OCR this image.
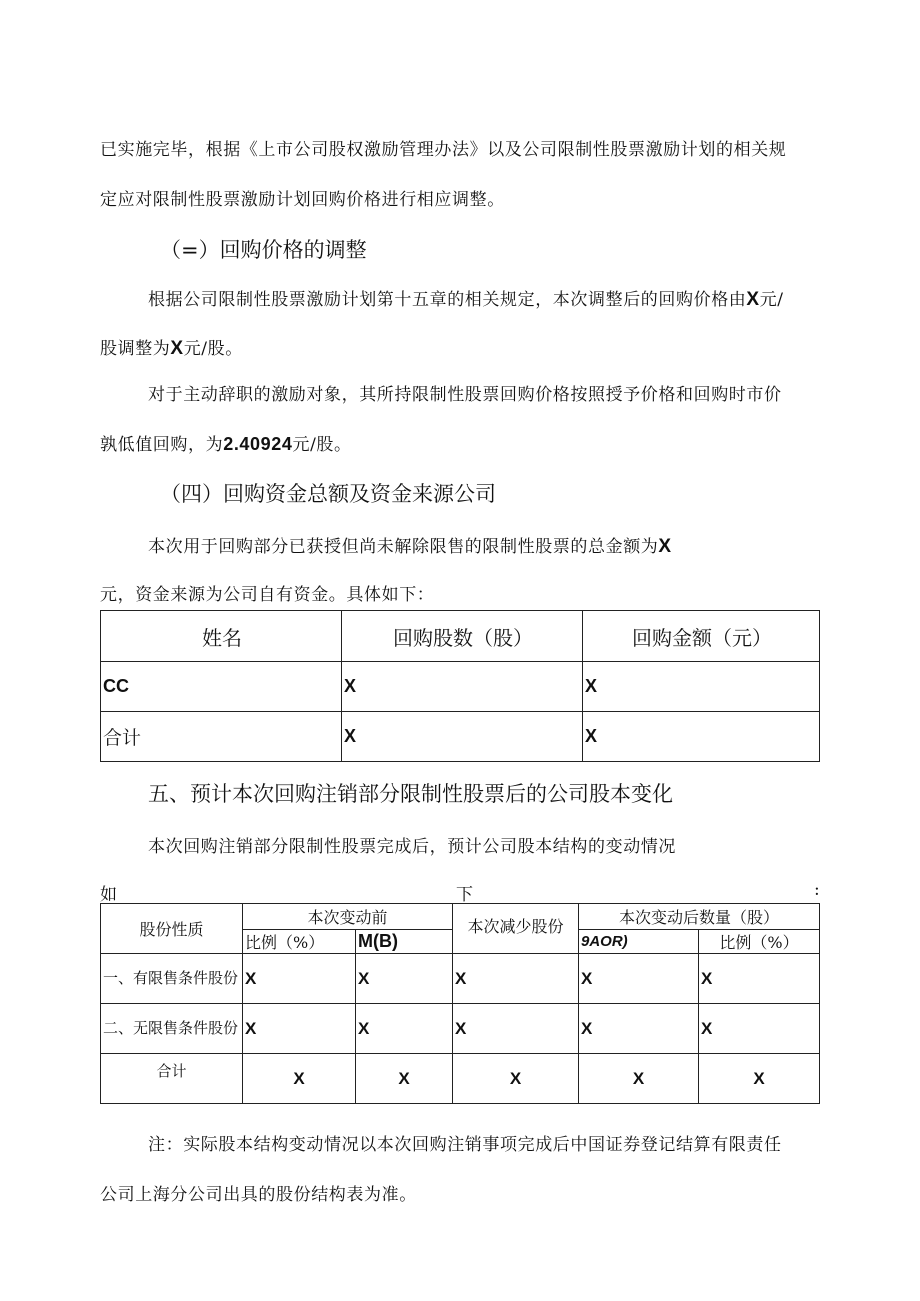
已实施完毕，根据《上市公司股权激励管理办法》以及公司限制性股票激励计划的相关规
定应对限制性股票激励计划回购价格进行相应调整。
（=）回购价格的调整
根据公司限制性股票激励计划第十五章的相关规定，本次调整后的回购价格由X元/
股调整为X元/股。
对于主动辞职的激励对象，其所持限制性股票回购价格按照授予价格和回购时市价
孰低值回购，为2.40924元/股。
（四）回购资金总额及资金来源公司
本次用于回购部分已获授但尚未解除限售的限制性股票的总金额为X
元，资金来源为公司自有资金。具体如下：
姓名	回购股数（股）	回购金额（元）
CC	X	X
合计	X	X
五、预计本次回购注销部分限制性股票后的公司股本变化
本次回购注销部分限制性股票完成后，预计公司股本结构的变动情况
如	下	:
股份性质	本次变动前		本次减少股份	本次变动后数量（股）	
	比例（%）	M(B)		9AOR)	比例（%）
一、有限售条件股份	X	X	X	X	X
二、无限售条件股份	X	X	X	X	X
合计	X	X	X	X	X
注：实际股本结构变动情况以本次回购注销事项完成后中国证券登记结算有限责任
公司上海分公司出具的股份结构表为准。
